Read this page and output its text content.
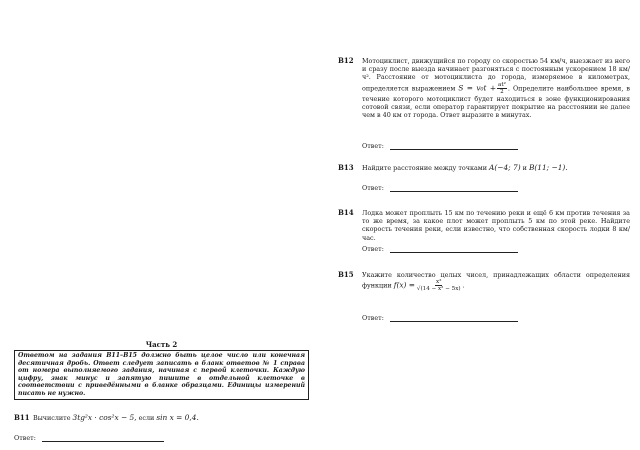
Часть 2
Ответом на задания B11–B15 должно быть целое число или конечная десятичная дробь. Ответ следует записать в бланк ответов № 1 справа от номера выполняемого задания, начиная с первой клеточки. Каждую цифру, знак минус и запятую пишите в отдельной клеточке в соответствии с приведёнными в бланке образцами. Единицы измерений писать не нужно.
B11 Вычислите 3tg²x · cos²x − 5, если sin x = 0,4.
Ответ:
B12 Мотоциклист, движущийся по городу со скоростью 54 км/ч, выезжает из него и сразу после выезда начинает разгоняться с постоянным ускорением 18 км/ч². Расстояние от мотоциклиста до города, измеряемое в километрах, определяется выражением $S = v_0t + \frac{\text{at²}}{2}$ . Определите наибольшее время, в течение которого мотоциклист будет находиться в зоне функционирования сотовой связи, если оператор гарантирует покрытие на расстоянии не далее чем в 40 км от города. Ответ выразите в минутах.
Ответ:
B13 Найдите расстояние между точками A(−4; 7) и B(11; −1).
Ответ:
B14 Лодка может проплыть 15 км по течению реки и ещё 6 км против течения за то же время, за какое плот может проплыть 5 км по этой реке. Найдите скорость течения реки, если известно, что собственная скорость лодки 8 км/час.
Ответ:
B15 Укажите количество целых чисел, принадлежащих области определения функции $f(x) = \frac{\text{x²}}{\text{√(14 − x² − 5x)}}$ .
Ответ:
